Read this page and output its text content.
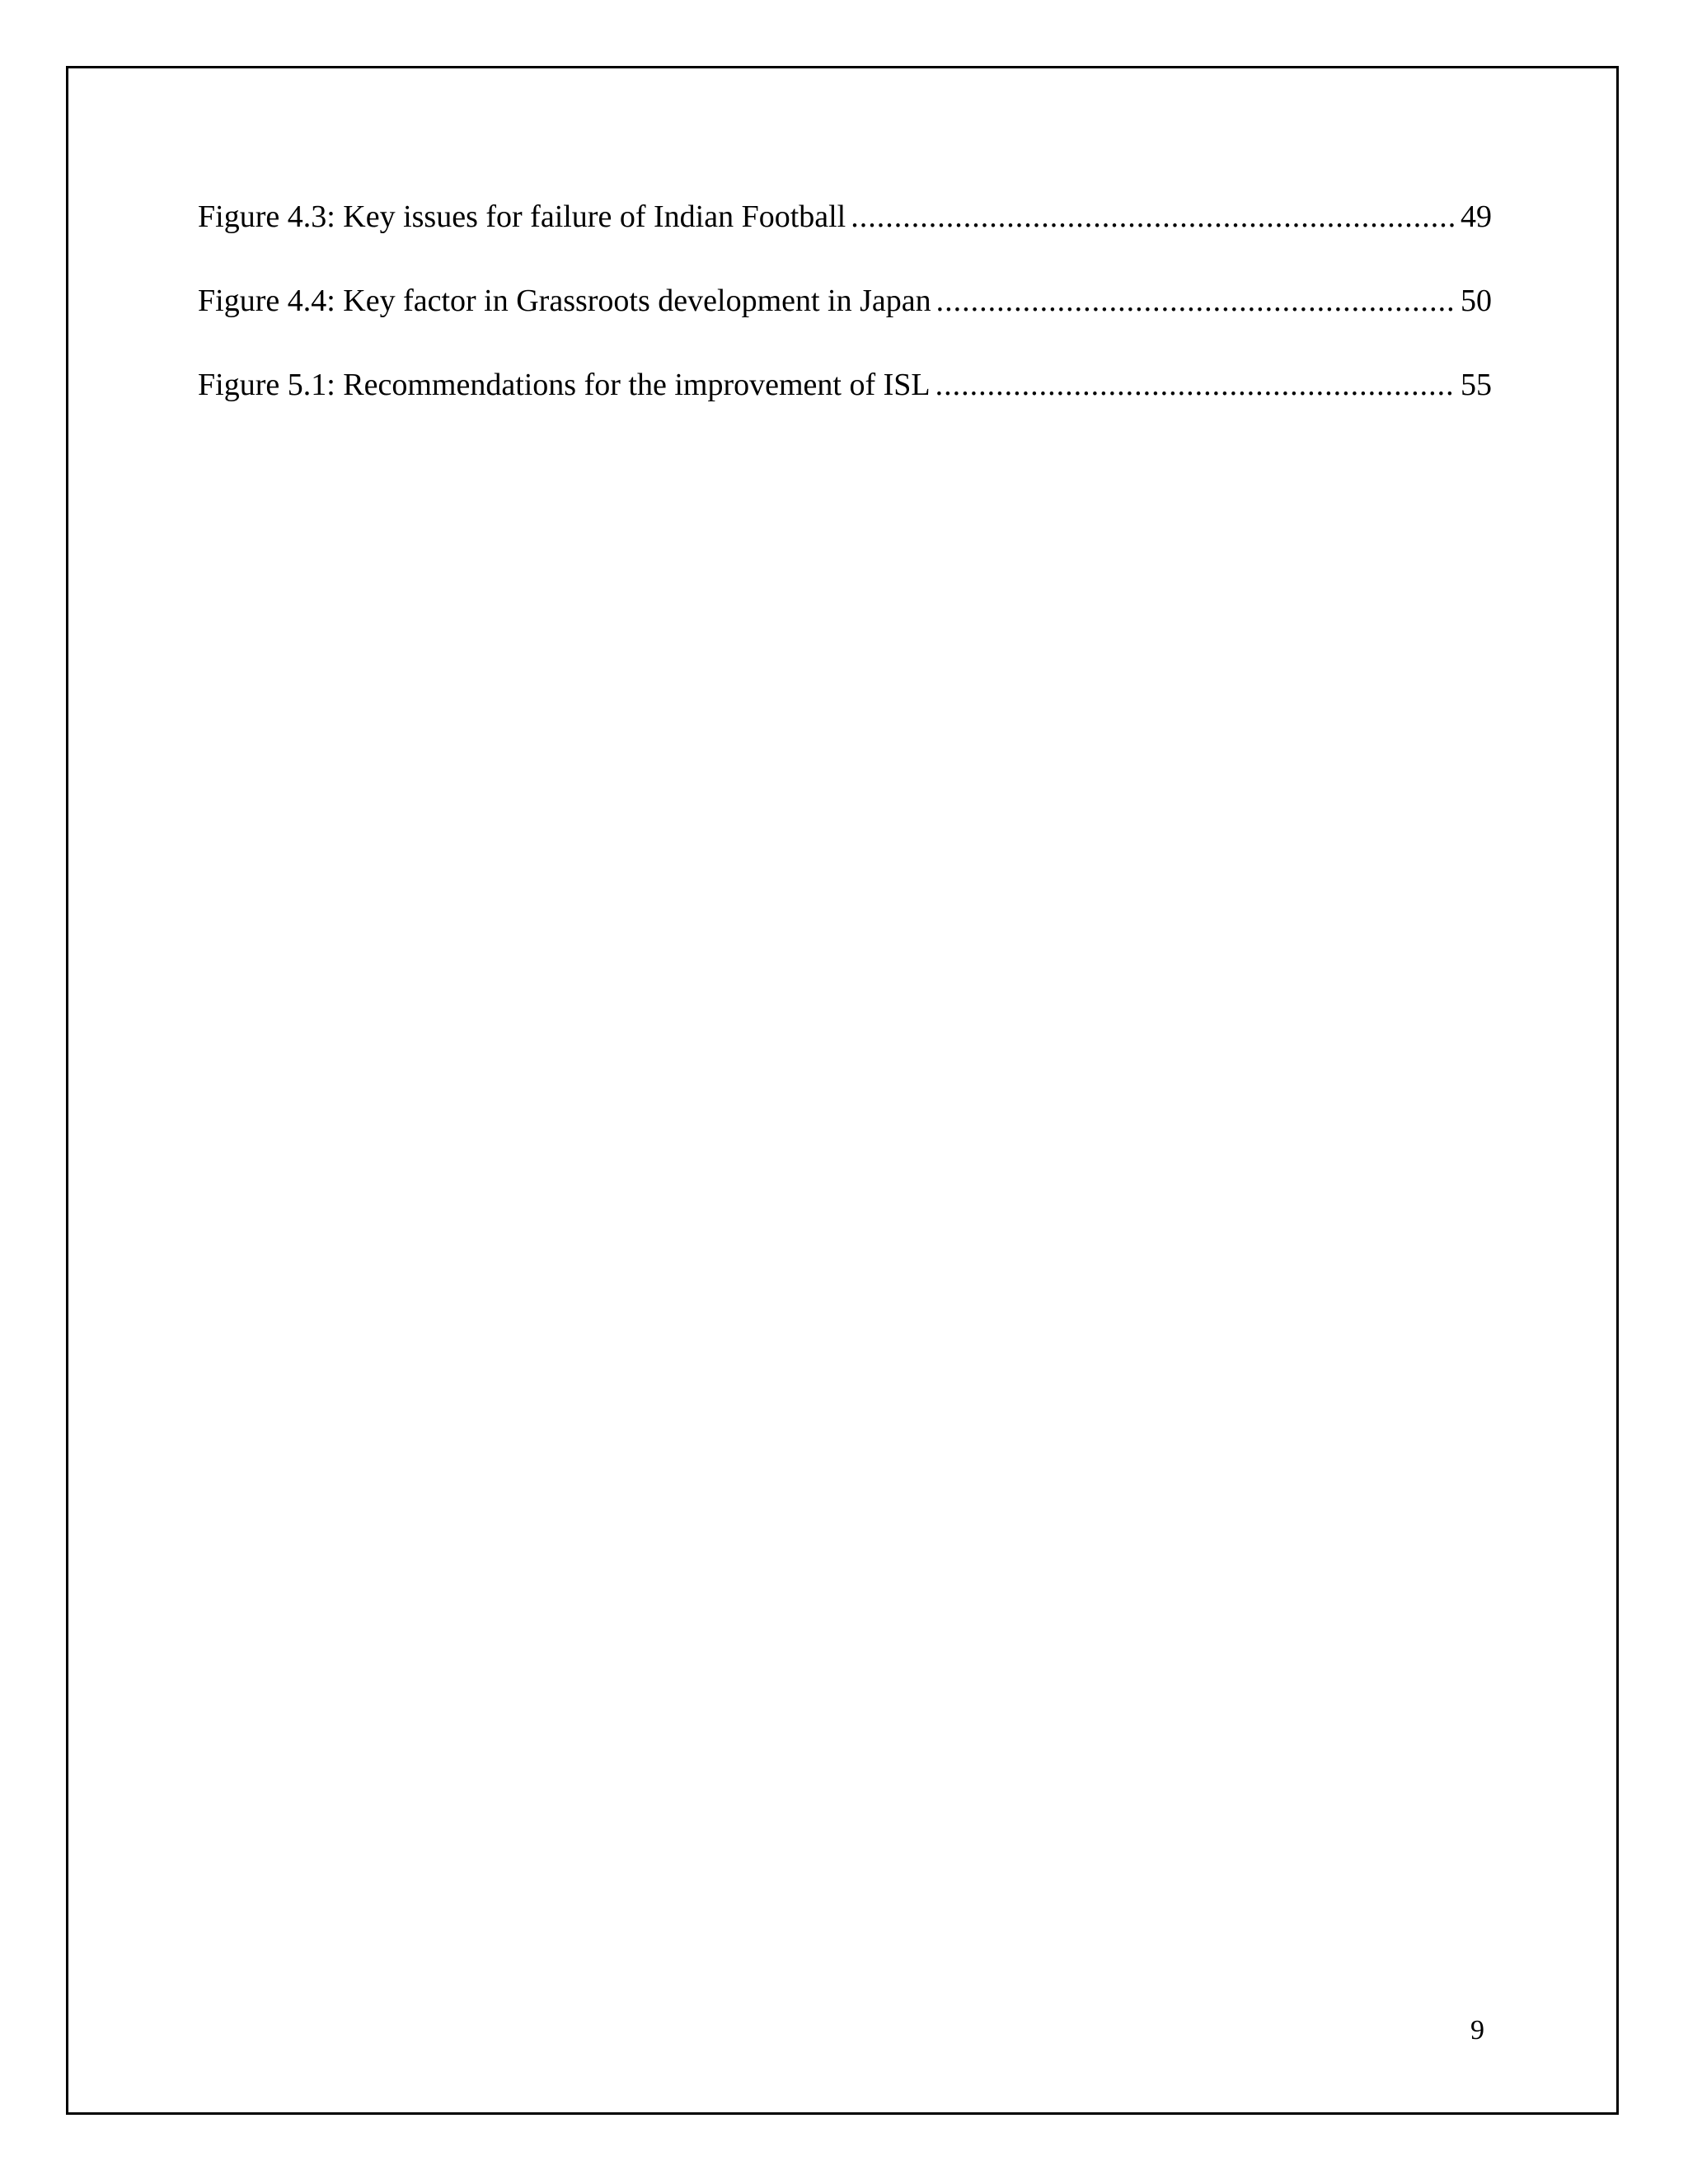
Figure 4.3: Key issues for failure of Indian Football .....	49
Figure 4.4: Key factor in Grassroots development in Japan .....	50
Figure 5.1: Recommendations for the improvement of ISL .....	55
9
